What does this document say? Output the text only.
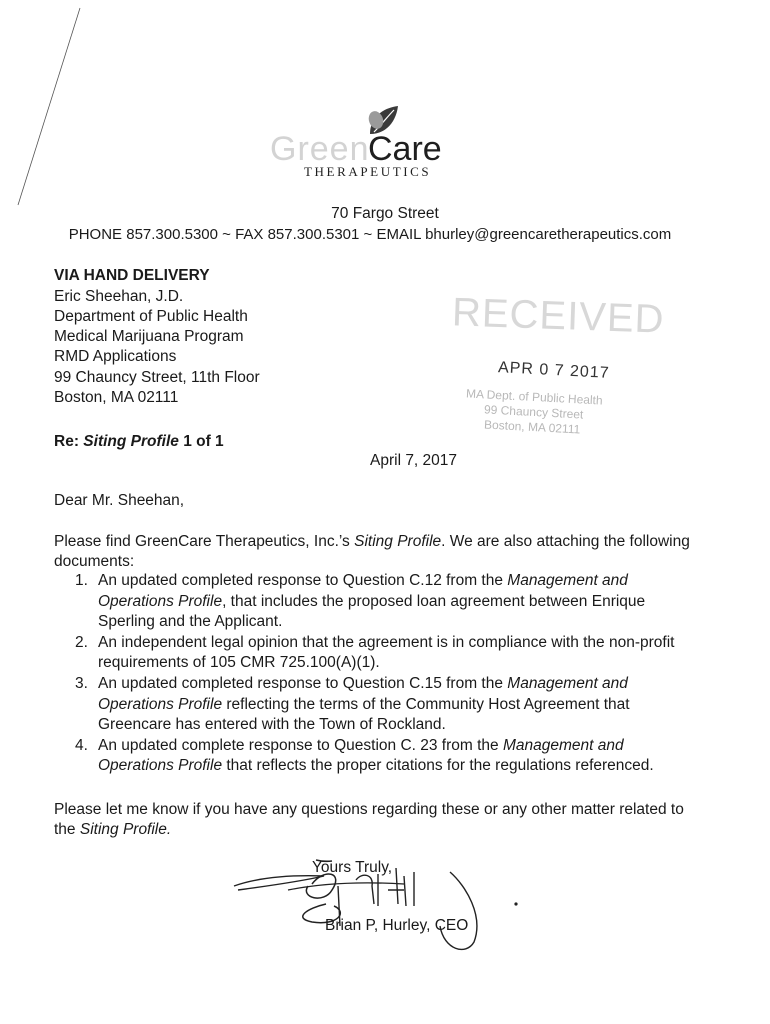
Green
Care
THERAPEUTICS
70 Fargo Street
PHONE 857.300.5300 ~ FAX 857.300.5301 ~ EMAIL bhurley@greencaretherapeutics.com
VIA HAND DELIVERY
Eric Sheehan, J.D.
Department of Public Health
Medical Marijuana Program
RMD Applications
99 Chauncy Street, 11th Floor
Boston, MA 02111
RECEIVED
APR 0 7 2017
MA Dept. of Public Health
99 Chauncy Street
Boston, MA 02111
Re: Siting Profile 1 of 1
April 7, 2017
Dear Mr. Sheehan,
Please find GreenCare Therapeutics, Inc.’s Siting Profile. We are also attaching the following
documents:
1. An updated completed response to Question C.12 from the Management and
Operations Profile, that includes the proposed loan agreement between Enrique
Sperling and the Applicant.
2. An independent legal opinion that the agreement is in compliance with the non-profit
requirements of 105 CMR 725.100(A)(1).
3. An updated completed response to Question C.15 from the Management and
Operations Profile reflecting the terms of the Community Host Agreement that
Greencare has entered with the Town of Rockland.
4. An updated complete response to Question C. 23 from the Management and
Operations Profile that reflects the proper citations for the regulations referenced.
Please let me know if you have any questions regarding these or any other matter related to
the Siting Profile.
Yours Truly,
Brian P, Hurley, CEO
